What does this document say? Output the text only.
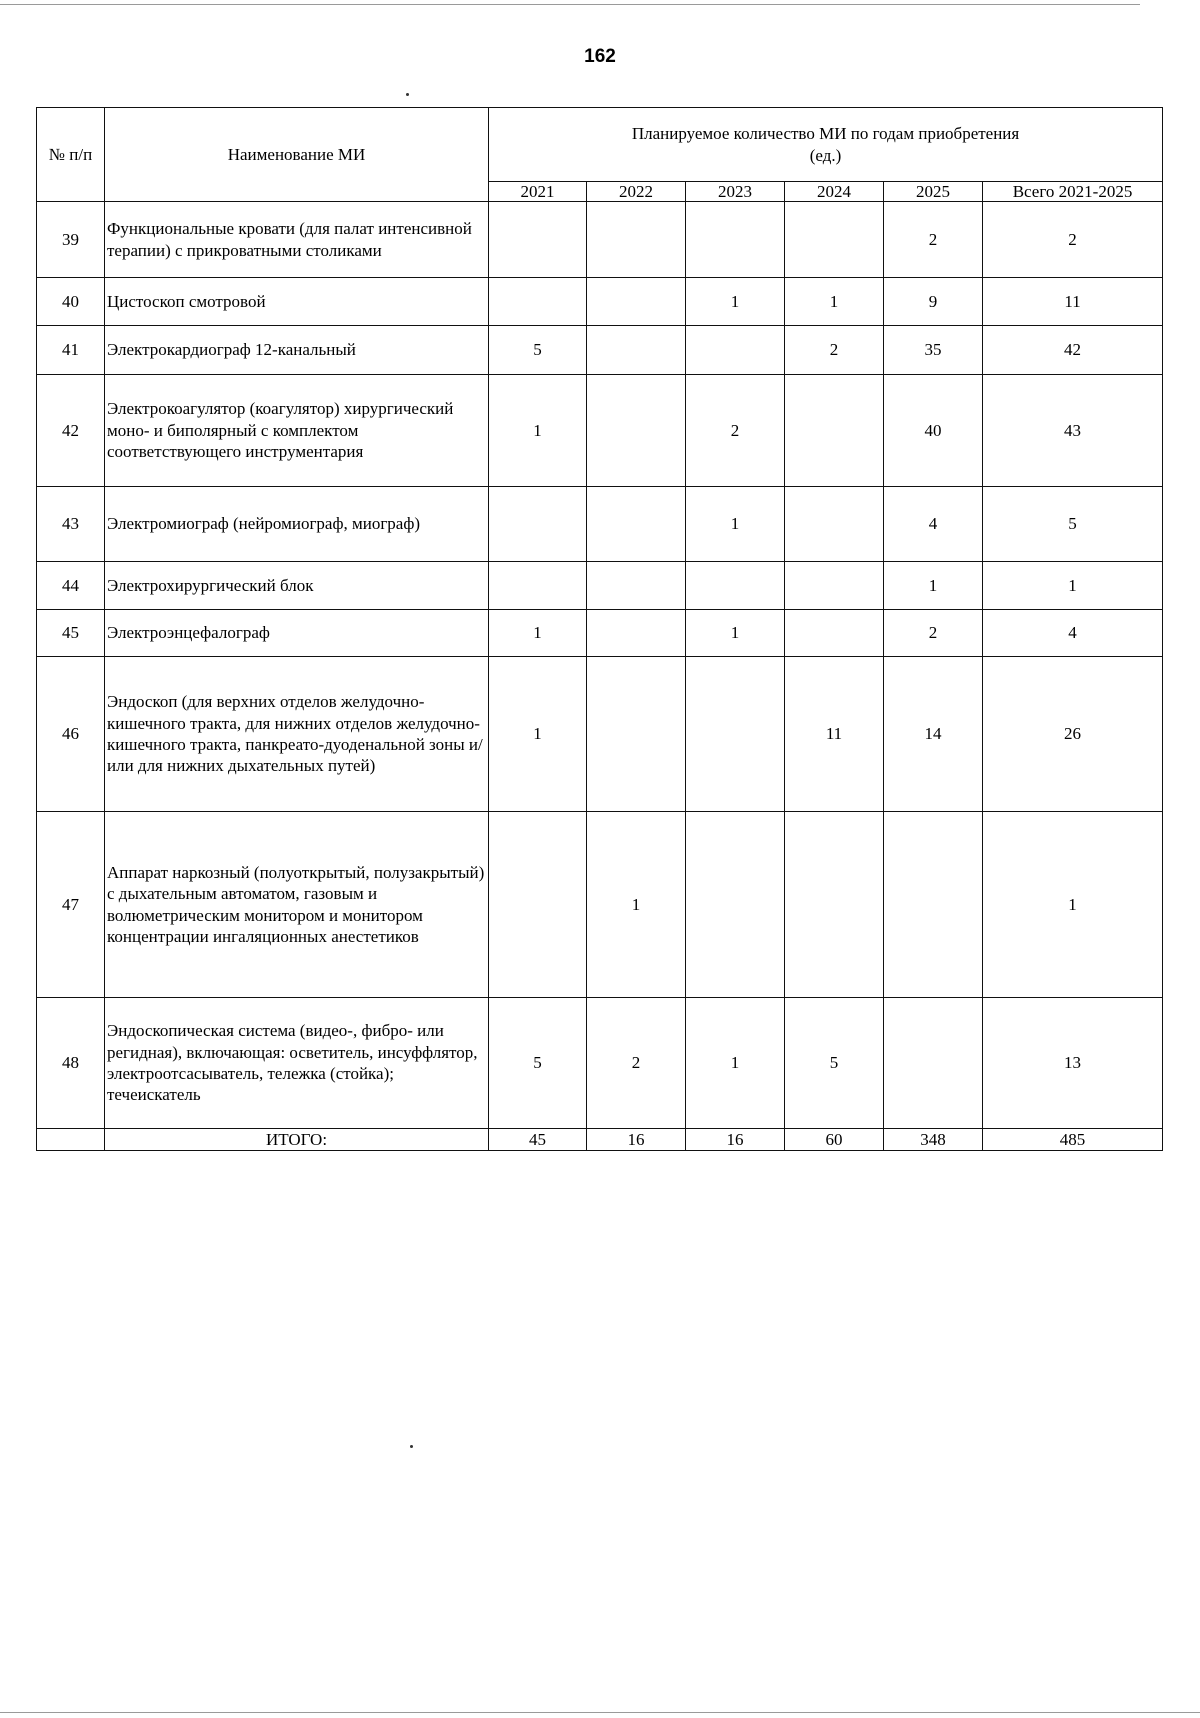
162
№ п/п	Наименование МИ	Планируемое количество МИ по годам приобретения
(ед.)					

		2021	2022	2023	2024	2025	Всего 2021-2025
39	Функциональные кровати (для палат интенсивной терапии) с прикроватными столиками					2	2
40	Цистоскоп смотровой			1	1	9	11
41	Электрокардиограф 12-канальный	5			2	35	42
42	Электрокоагулятор (коагулятор) хирургический моно- и биполярный с комплектом соответствующего инструментария	1		2		40	43
43	Электромиограф (нейромиограф, миограф)			1		4	5
44	Электрохирургический блок					1	1
45	Электроэнцефалограф	1		1		2	4
46	Эндоскоп (для верхних отделов желудочно-кишечного тракта, для нижних отделов желудочно-кишечного тракта, панкреато-дуоденальной зоны и/или для нижних дыхательных путей)	1			11	14	26
47	Аппарат наркозный (полуоткрытый, полузакрытый) с дыхательным автоматом, газовым и волюметрическим монитором и монитором концентрации ингаляционных анестетиков		1				1
48	Эндоскопическая система (видео-, фибро- или регидная), включающая: осветитель, инсуффлятор, электроотсасыватель, тележка (стойка); течеискатель	5	2	1	5		13
	ИТОГО:	45	16	16	60	348	485
